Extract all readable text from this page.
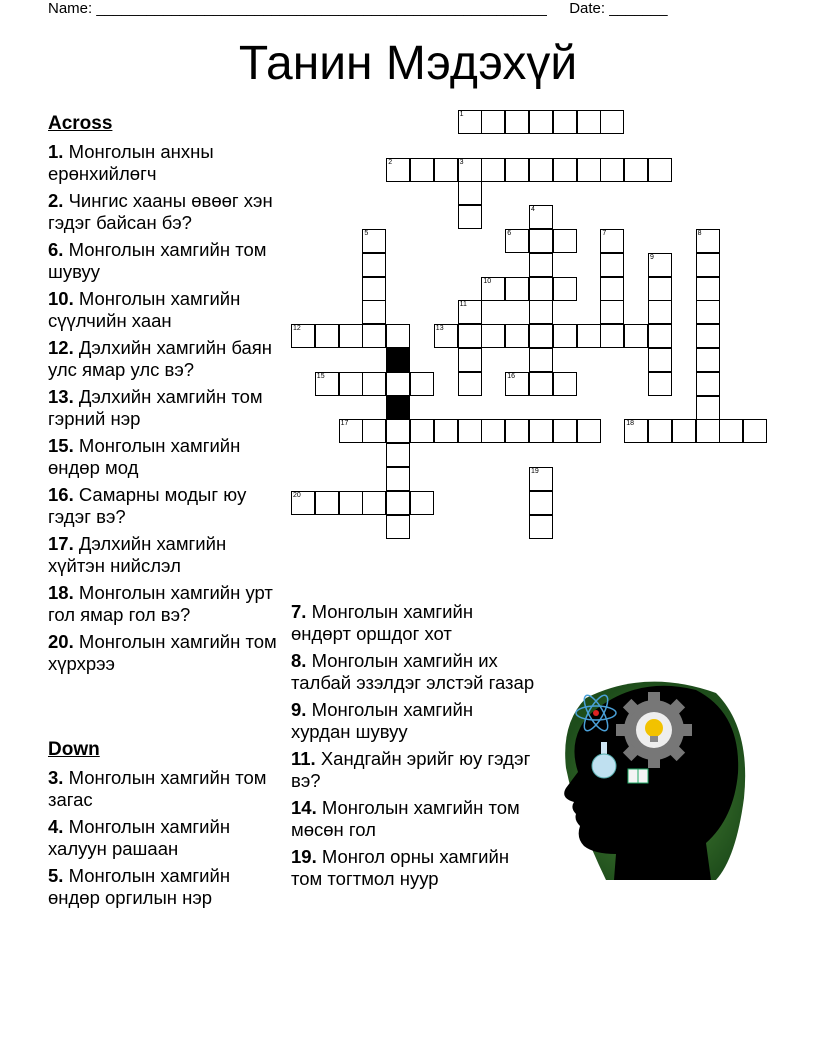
Name: ______________________________________________________ Date: _______
Танин Мэдэхүй
Across
1. Монголын анхны ерөнхийлөгч
2. Чингис хааны өвөөг хэн гэдэг байсан бэ?
6. Монголын хамгийн том шувуу
10. Монголын хамгийн сүүлчийн хаан
12. Дэлхийн хамгийн баян улс ямар улс вэ?
13. Дэлхийн хамгийн том гэрний нэр
15. Монголын хамгийн өндөр мод
16. Самарны модыг юу гэдэг вэ?
17. Дэлхийн хамгийн хүйтэн нийслэл
18. Монголын хамгийн урт гол ямар гол вэ?
20. Монголын хамгийн том хүрхрээ
Down
3. Монголын хамгийн том загас
4. Монголын хамгийн халуун рашаан
5. Монголын хамгийн өндөр оргилын нэр
7. Монголын хамгийн өндөрт оршдог хот
8. Монголын хамгийн их талбай эзэлдэг элстэй газар
9. Монголын хамгийн хурдан шувуу
11. Хандгайн эрийг юу гэдэг вэ?
14. Монголын хамгийн том мөсөн гол
19. Монгол орны хамгийн том тогтмол нуур
1
2	3
4
5	6	7	8
9
10
11
12	13
15	16
17	18
19
20
